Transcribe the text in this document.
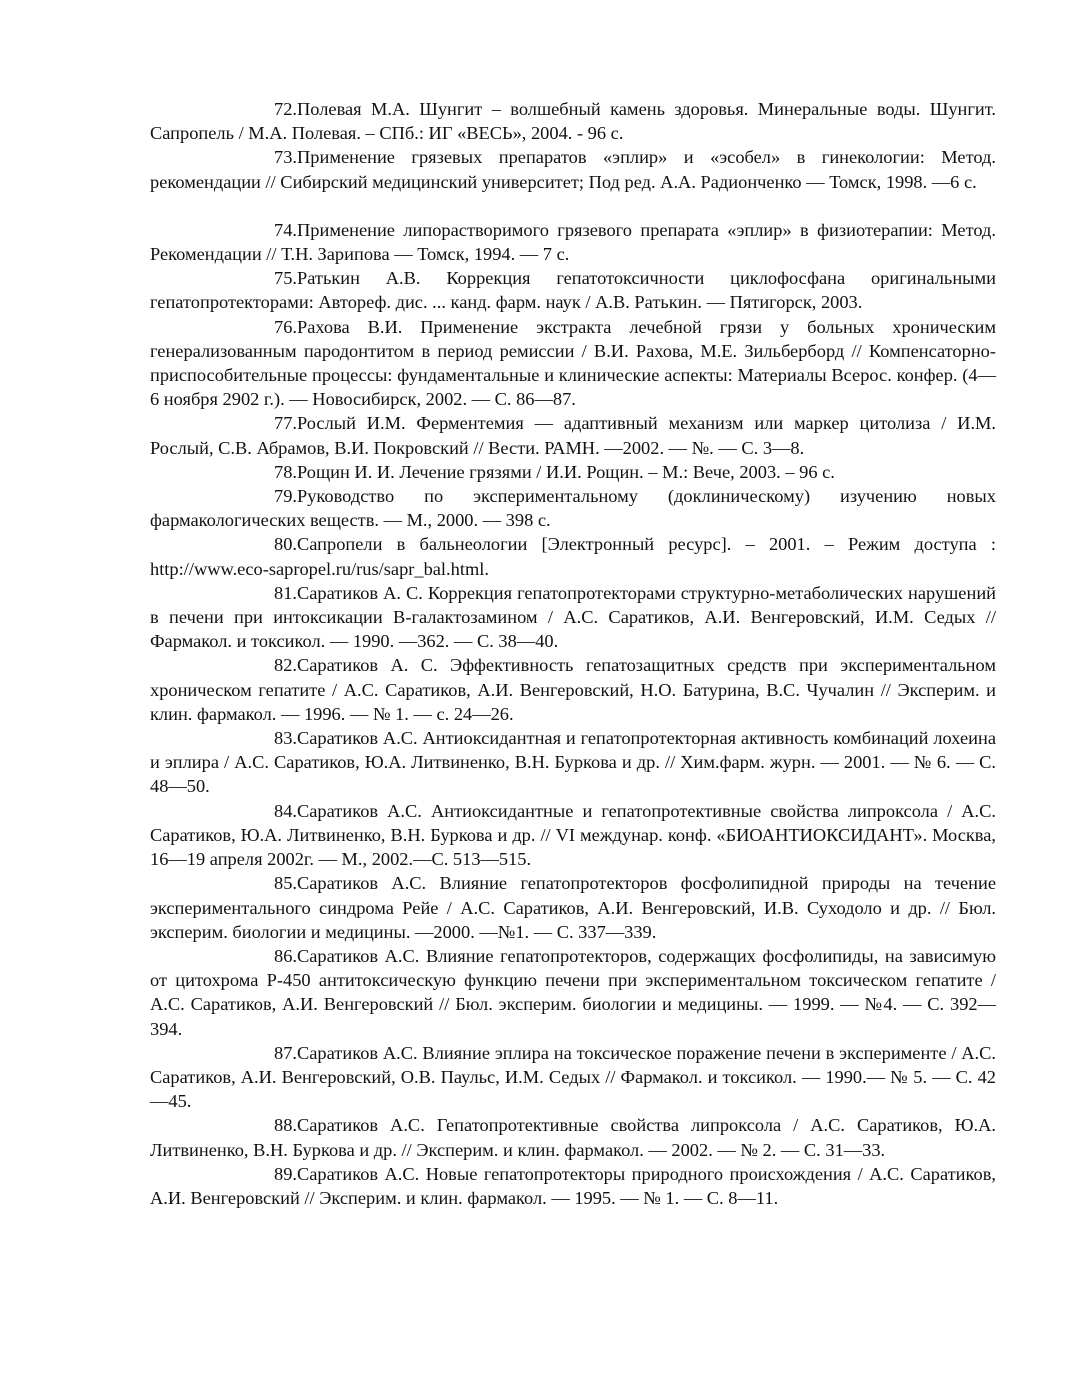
72.Полевая М.А. Шунгит – волшебный камень здоровья. Минеральные воды. Шунгит. Сапропель / М.А. Полевая. – СПб.: ИГ «ВЕСЬ», 2004. - 96 с.

73.Применение грязевых препаратов «эплир» и «эсобел» в гинекологии: Метод. рекомендации // Сибирский медицинский университет; Под ред. А.А. Радионченко — Томск, 1998. —6 с.

74.Применение липорастворимого грязевого препарата «эплир» в физиотерапии: Метод. Рекомендации // Т.Н. Зарипова — Томск, 1994. — 7 с.

75.Ратькин А.В. Коррекция гепатотоксичности циклофосфана оригинальными гепатопротекторами: Автореф. дис. ... канд. фарм. наук / А.В. Ратькин. — Пятигорск, 2003.

76.Рахова В.И. Применение экстракта лечебной грязи у больных хроническим генерализованным пародонтитом в период ремиссии / В.И. Рахова, М.Е. Зильберборд // Компенсаторно-приспособительные процессы: фундаментальные и клинические аспекты: Материалы Всерос. конфер. (4—6 ноября 2902 г.). — Новосибирск, 2002. — С. 86—87.

77.Рослый И.М. Ферментемия — адаптивный механизм или маркер цитолиза / И.М. Рослый, С.В. Абрамов, В.И. Покровский // Вести. РАМН. —2002. — №. — С. 3—8.

78.Рощин И. И. Лечение грязями / И.И. Рощин. – М.: Вече, 2003. – 96 с.

79.Руководство по экспериментальному (доклиническому) изучению новых фармакологических веществ. — М., 2000. — 398 с.

80.Сапропели в бальнеологии [Электронный ресурс]. – 2001. – Режим доступа : http://www.eco-sapropel.ru/rus/sapr_bal.html.

81.Саратиков А. С. Коррекция гепатопротекторами структурно-метаболических нарушений в печени при интоксикации В-галактозамином / А.С. Саратиков, А.И. Венгеровский, И.М. Седых // Фармакол. и токсикол. — 1990. —362. — С. 38—40.

82.Саратиков А. С. Эффективность гепатозащитных средств при экспериментальном хроническом гепатите / А.С. Саратиков, А.И. Венгеровский, Н.О. Батурина, В.С. Чучалин // Эксперим. и клин. фармакол. — 1996. — № 1. — с. 24—26.

83.Саратиков А.С. Антиоксидантная и гепатопротекторная активность комбинаций лохеина и эплира / А.С. Саратиков, Ю.А. Литвиненко, В.Н. Буркова и др. // Хим.фарм. журн. — 2001. — № 6. — С. 48—50.

84.Саратиков А.С. Антиоксидантные и гепатопротективные свойства липроксола / А.С. Саратиков, Ю.А. Литвиненко, В.Н. Буркова и др. // VI междунар. конф. «БИОАНТИОКСИДАНТ». Москва, 16—19 апреля 2002г. — М., 2002.—С. 513—515.

85.Саратиков А.С. Влияние гепатопротекторов фосфолипидной природы на течение экспериментального синдрома Рейе / А.С. Саратиков, А.И. Венгеровский, И.В. Суходоло и др. // Бюл. эксперим. биологии и медицины. —2000. —№1. — С. 337—339.

86.Саратиков А.С. Влияние гепатопротекторов, содержащих фосфолипиды, на зависимую от цитохрома Р-450 антитоксическую функцию печени при экспериментальном токсическом гепатите / А.С. Саратиков, А.И. Венгеровский // Бюл. эксперим. биологии и медицины. — 1999. — №4. — С. 392—394.

87.Саратиков А.С. Влияние эплира на токсическое поражение печени в эксперименте / А.С. Саратиков, А.И. Венгеровский, О.В. Паульс, И.М. Седых // Фармакол. и токсикол. — 1990.— № 5. — С. 42—45.

88.Саратиков А.С. Гепатопротективные свойства липроксола / А.С. Саратиков, Ю.А. Литвиненко, В.Н. Буркова и др. // Эксперим. и клин. фармакол. — 2002. — № 2. — С. 31—33.

89.Саратиков А.С. Новые гепатопротекторы природного происхождения / А.С. Саратиков, А.И. Венгеровский // Эксперим. и клин. фармакол. — 1995. — № 1. — С. 8—11.
